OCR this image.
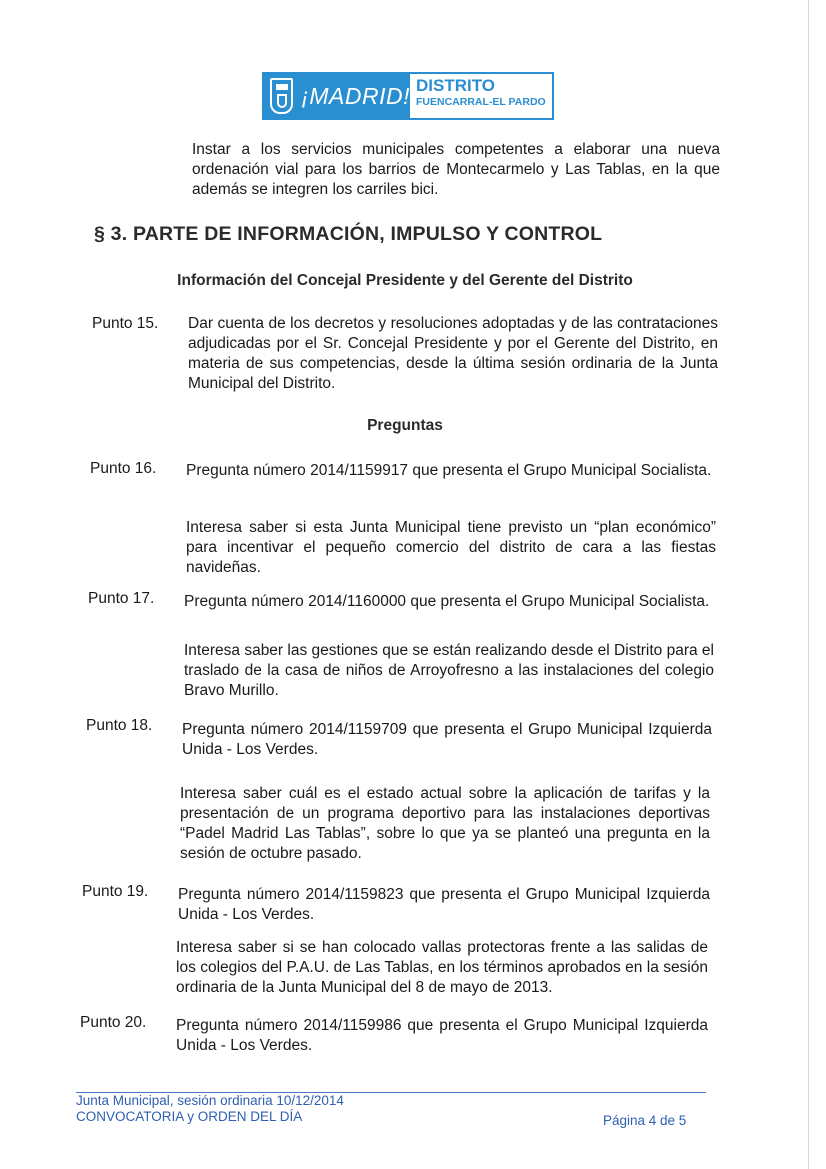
¡MADRID! DISTRITO
FUENCARRAL-EL PARDO
Instar a los servicios municipales competentes a elaborar una nueva ordenación vial para los barrios de Montecarmelo y Las Tablas, en la que además se integren los carriles bici.
§ 3. PARTE DE INFORMACIÓN, IMPULSO Y CONTROL
Información del Concejal Presidente y del Gerente del Distrito
Punto 15. Dar cuenta de los decretos y resoluciones adoptadas y de las contrataciones adjudicadas por el Sr. Concejal Presidente y por el Gerente del Distrito, en materia de sus competencias, desde la última sesión ordinaria de la Junta Municipal del Distrito.
Preguntas
Punto 16. Pregunta número 2014/1159917 que presenta el Grupo Municipal Socialista.
Interesa saber si esta Junta Municipal tiene previsto un “plan económico” para incentivar el pequeño comercio del distrito de cara a las fiestas navideñas.
Punto 17. Pregunta número 2014/1160000 que presenta el Grupo Municipal Socialista.
Interesa saber las gestiones que se están realizando desde el Distrito para el traslado de la casa de niños de Arroyofresno a las instalaciones del colegio Bravo Murillo.
Punto 18. Pregunta número 2014/1159709 que presenta el Grupo Municipal Izquierda Unida - Los Verdes.
Interesa saber cuál es el estado actual sobre la aplicación de tarifas y la presentación de un programa deportivo para las instalaciones deportivas “Padel Madrid Las Tablas”, sobre lo que ya se planteó una pregunta en la sesión de octubre pasado.
Punto 19. Pregunta número 2014/1159823 que presenta el Grupo Municipal Izquierda Unida - Los Verdes.
Interesa saber si se han colocado vallas protectoras frente a las salidas de los colegios del P.A.U. de Las Tablas, en los términos aprobados en la sesión ordinaria de la Junta Municipal del 8 de mayo de 2013.
Punto 20. Pregunta número 2014/1159986 que presenta el Grupo Municipal Izquierda Unida - Los Verdes.
Junta Municipal, sesión ordinaria 10/12/2014
CONVOCATORIA y ORDEN DEL DÍA	Página 4 de 5
